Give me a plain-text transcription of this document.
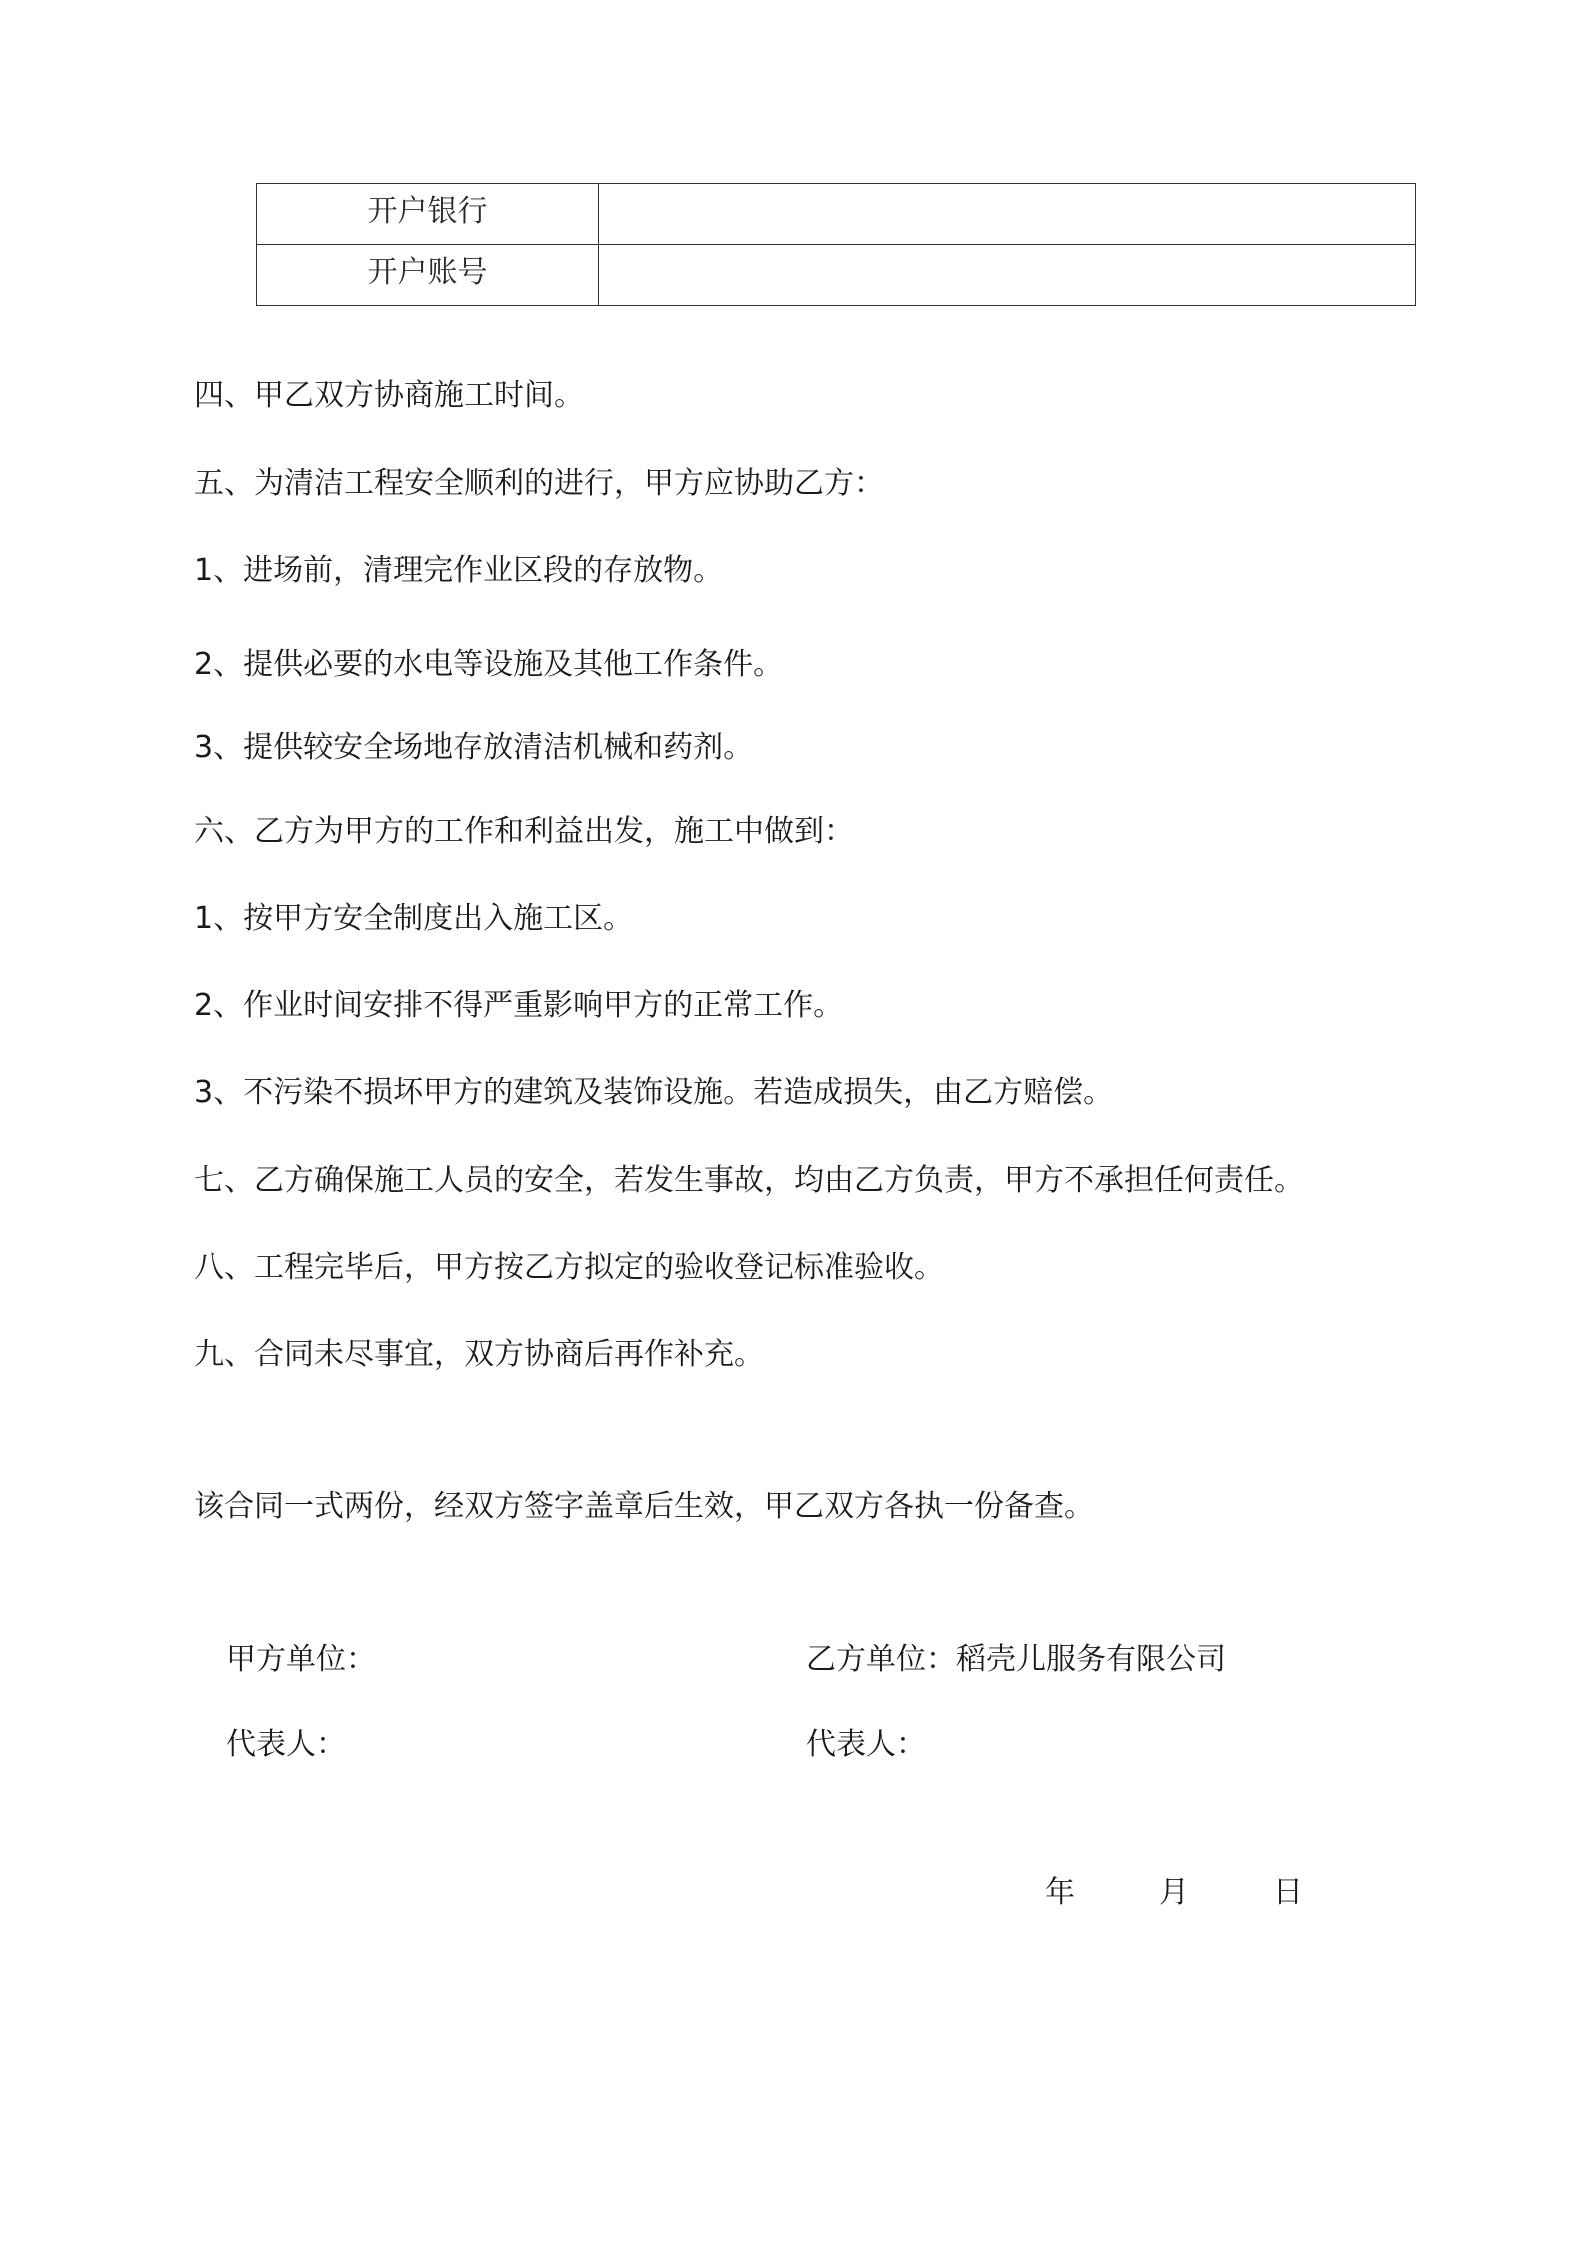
开户银行	
开户账号	
四、甲乙双方协商施工时间。
五、为清洁工程安全顺利的进行，甲方应协助乙方：
1、进场前，清理完作业区段的存放物。
2、提供必要的水电等设施及其他工作条件。
3、提供较安全场地存放清洁机械和药剂。
六、乙方为甲方的工作和利益出发，施工中做到：
1、按甲方安全制度出入施工区。
2、作业时间安排不得严重影响甲方的正常工作。
3、不污染不损坏甲方的建筑及装饰设施。若造成损失，由乙方赔偿。
七、乙方确保施工人员的安全，若发生事故，均由乙方负责，甲方不承担任何责任。
八、工程完毕后，甲方按乙方拟定的验收登记标准验收。
九、合同未尽事宜，双方协商后再作补充。
该合同一式两份，经双方签字盖章后生效，甲乙双方各执一份备查。
甲方单位：	乙方单位：稻壳儿服务有限公司
代表人：	代表人：
年	月	日
